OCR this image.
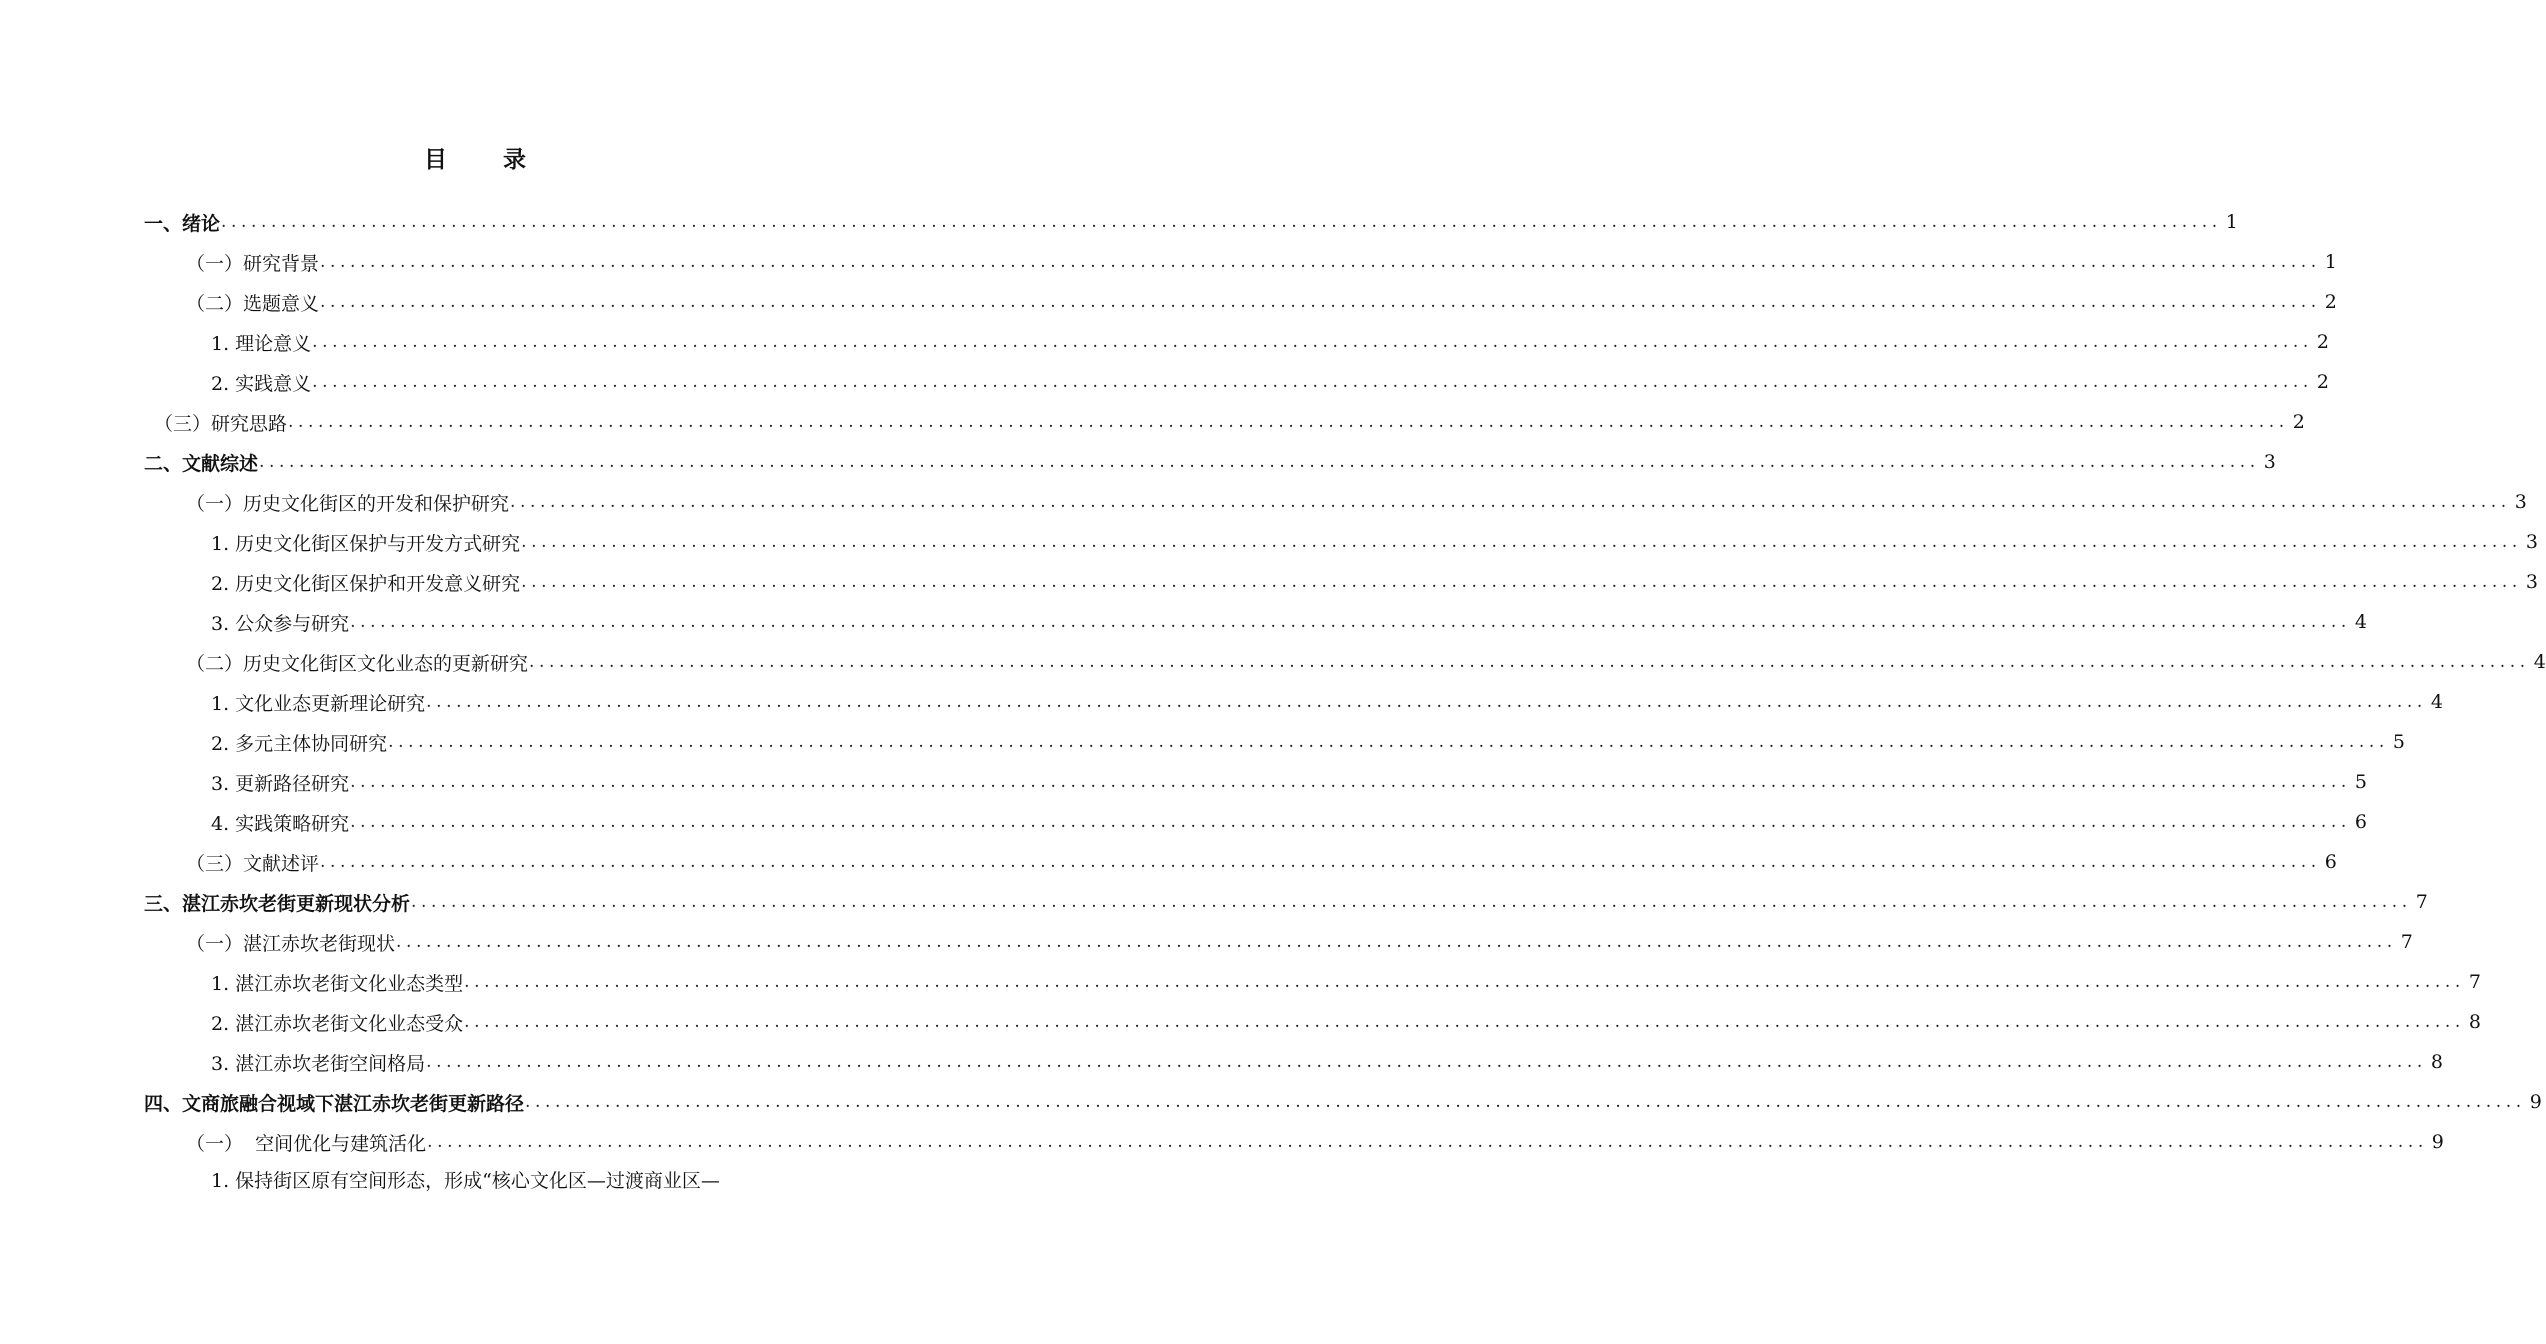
目 录
一、绪论 ........................................................................................................................................................................................................ 1
（一）研究背景 ........................................................................................................................................................................................................ 1
（二）选题意义 ........................................................................................................................................................................................................ 2
1. 理论意义 ........................................................................................................................................................................................................ 2
2. 实践意义 ........................................................................................................................................................................................................ 2
（三）研究思路 ........................................................................................................................................................................................................ 2
二、文献综述 ........................................................................................................................................................................................................ 3
（一）历史文化街区的开发和保护研究 ........................................................................................................................................................................................................ 3
1. 历史文化街区保护与开发方式研究 ........................................................................................................................................................................................................ 3
2. 历史文化街区保护和开发意义研究 ........................................................................................................................................................................................................ 3
3. 公众参与研究 ........................................................................................................................................................................................................ 4
（二）历史文化街区文化业态的更新研究 ........................................................................................................................................................................................................ 4
1. 文化业态更新理论研究 ........................................................................................................................................................................................................ 4
2. 多元主体协同研究 ........................................................................................................................................................................................................ 5
3. 更新路径研究 ........................................................................................................................................................................................................ 5
4. 实践策略研究 ........................................................................................................................................................................................................ 6
（三）文献述评 ........................................................................................................................................................................................................ 6
三、湛江赤坎老街更新现状分析 ........................................................................................................................................................................................................ 7
（一）湛江赤坎老街现状 ........................................................................................................................................................................................................ 7
1. 湛江赤坎老街文化业态类型 ........................................................................................................................................................................................................ 7
2. 湛江赤坎老街文化业态受众 ........................................................................................................................................................................................................ 8
3. 湛江赤坎老街空间格局 ........................................................................................................................................................................................................ 8
四、文商旅融合视域下湛江赤坎老街更新路径 ........................................................................................................................................................................................................ 9
（一）  空间优化与建筑活化 ........................................................................................................................................................................................................ 9
1. 保持街区原有空间形态，形成“核心文化区—过渡商业区—
